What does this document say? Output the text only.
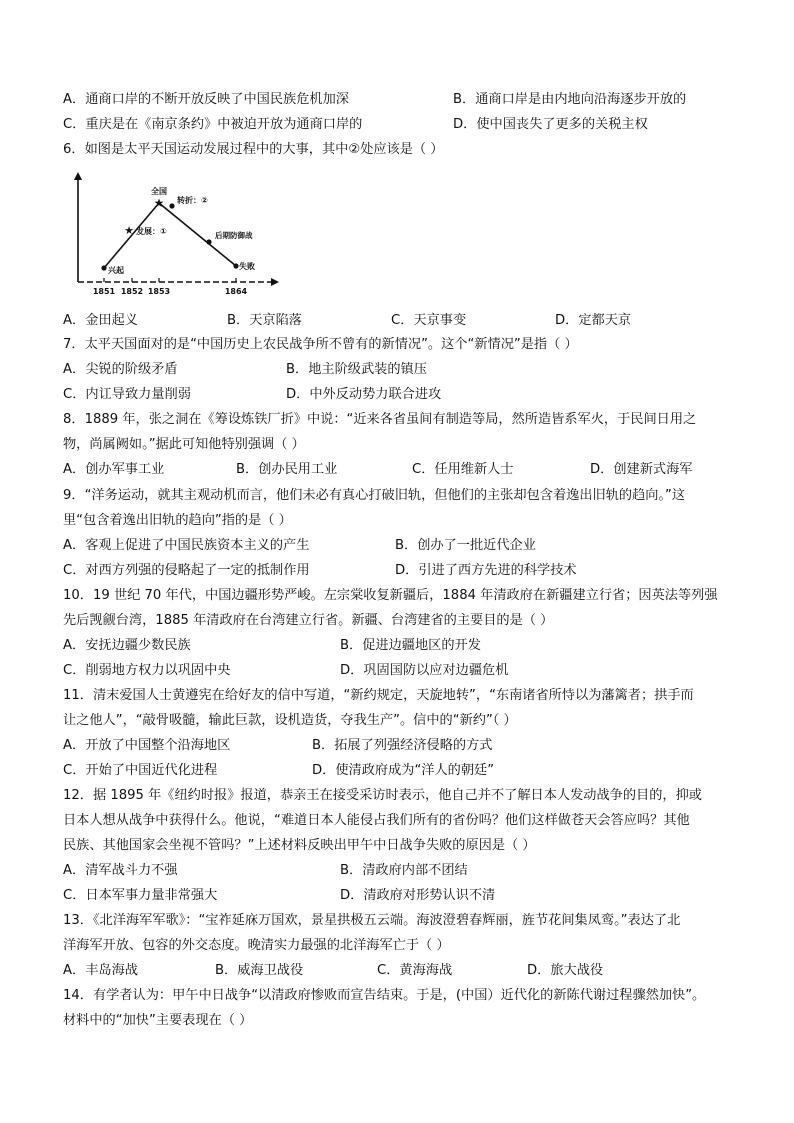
A．通商口岸的不断开放反映了中国民族危机加深	B．通商口岸是由内地向沿海逐步开放的
C．重庆是在《南京条约》中被迫开放为通商口岸的	D．使中国丧失了更多的关税主权
6．如图是太平天国运动发展过程中的大事，其中②处应该是（ ）
★
★
全国
转折：②
发展：①	后期防御战
兴起	失败
1851 1852 1853	1864
A．金田起义	B．天京陷落	C．天京事变	D．定都天京
7．太平天国面对的是“中国历史上农民战争所不曾有的新情况”。这个“新情况”是指（ ）
A．尖锐的阶级矛盾	B．地主阶级武装的镇压
C．内讧导致力量削弱	D．中外反动势力联合进攻
8．1889 年，张之洞在《筹设炼铁厂折》中说：“近来各省虽间有制造等局，然所造皆系军火，于民间日用之
物，尚属阙如。”据此可知他特别强调（ ）
A．创办军事工业	B．创办民用工业	C．任用维新人士	D．创建新式海军
9．“洋务运动，就其主观动机而言，他们未必有真心打破旧轨，但他们的主张却包含着逸出旧轨的趋向。”这
里“包含着逸出旧轨的趋向”指的是（ ）
A．客观上促进了中国民族资本主义的产生	B．创办了一批近代企业
C．对西方列强的侵略起了一定的抵制作用	D．引进了西方先进的科学技术
10．19 世纪 70 年代，中国边疆形势严峻。左宗棠收复新疆后，1884 年清政府在新疆建立行省；因英法等列强
先后觊觎台湾，1885 年清政府在台湾建立行省。新疆、台湾建省的主要目的是（ ）
A．安抚边疆少数民族	B．促进边疆地区的开发
C．削弱地方权力以巩固中央	D．巩固国防以应对边疆危机
11．清末爱国人士黄遵宪在给好友的信中写道，“新约规定，天旋地转”，“东南诸省所恃以为藩篱者；拱手而
让之他人”，“敲骨吸髓，输此巨款，设机造货，夺我生产”。信中的“新约”（ ）
A．开放了中国整个沿海地区	B．拓展了列强经济侵略的方式
C．开始了中国近代化进程	D．使清政府成为“洋人的朝廷”
12．据 1895 年《纽约时报》报道，恭亲王在接受采访时表示，他自己并不了解日本人发动战争的目的，抑或
日本人想从战争中获得什么。他说，“难道日本人能侵占我们所有的省份吗？他们这样做苍天会答应吗？其他
民族、其他国家会坐视不管吗？”上述材料反映出甲午中日战争失败的原因是（ ）
A．清军战斗力不强	B．清政府内部不团结
C．日本军事力量非常强大	D．清政府对形势认识不清
13．《北洋海军军歌》：“宝祚延庥万国欢，景星拱极五云端。海波澄碧春辉丽，旌节花间集凤鸾。”表达了北
洋海军开放、包容的外交态度。晚清实力最强的北洋海军亡于（ ）
A．丰岛海战	B．威海卫战役	C．黄海海战	D．旅大战役
14．有学者认为：甲午中日战争“以清政府惨败而宣告结束。于是，(中国）近代化的新陈代谢过程骤然加快”。
材料中的“加快”主要表现在（ ）
